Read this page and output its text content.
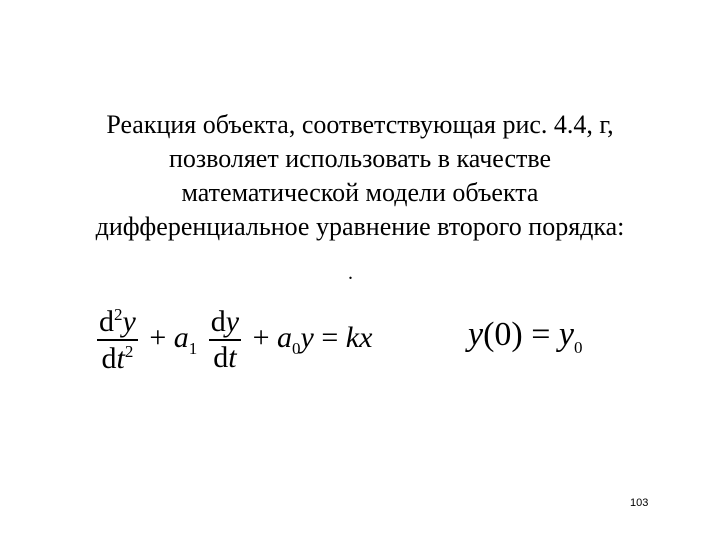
Реакция объекта, соответствующая рис. 4.4, г,
позволяет использовать в качестве
математической модели объекта
дифференциальное уравнение второго порядка:
.
$\frac{d^2y}{dt^2} + a_1 \frac{dy}{dt} + a_0y$ = kx	$y(0) = y_0$
103
